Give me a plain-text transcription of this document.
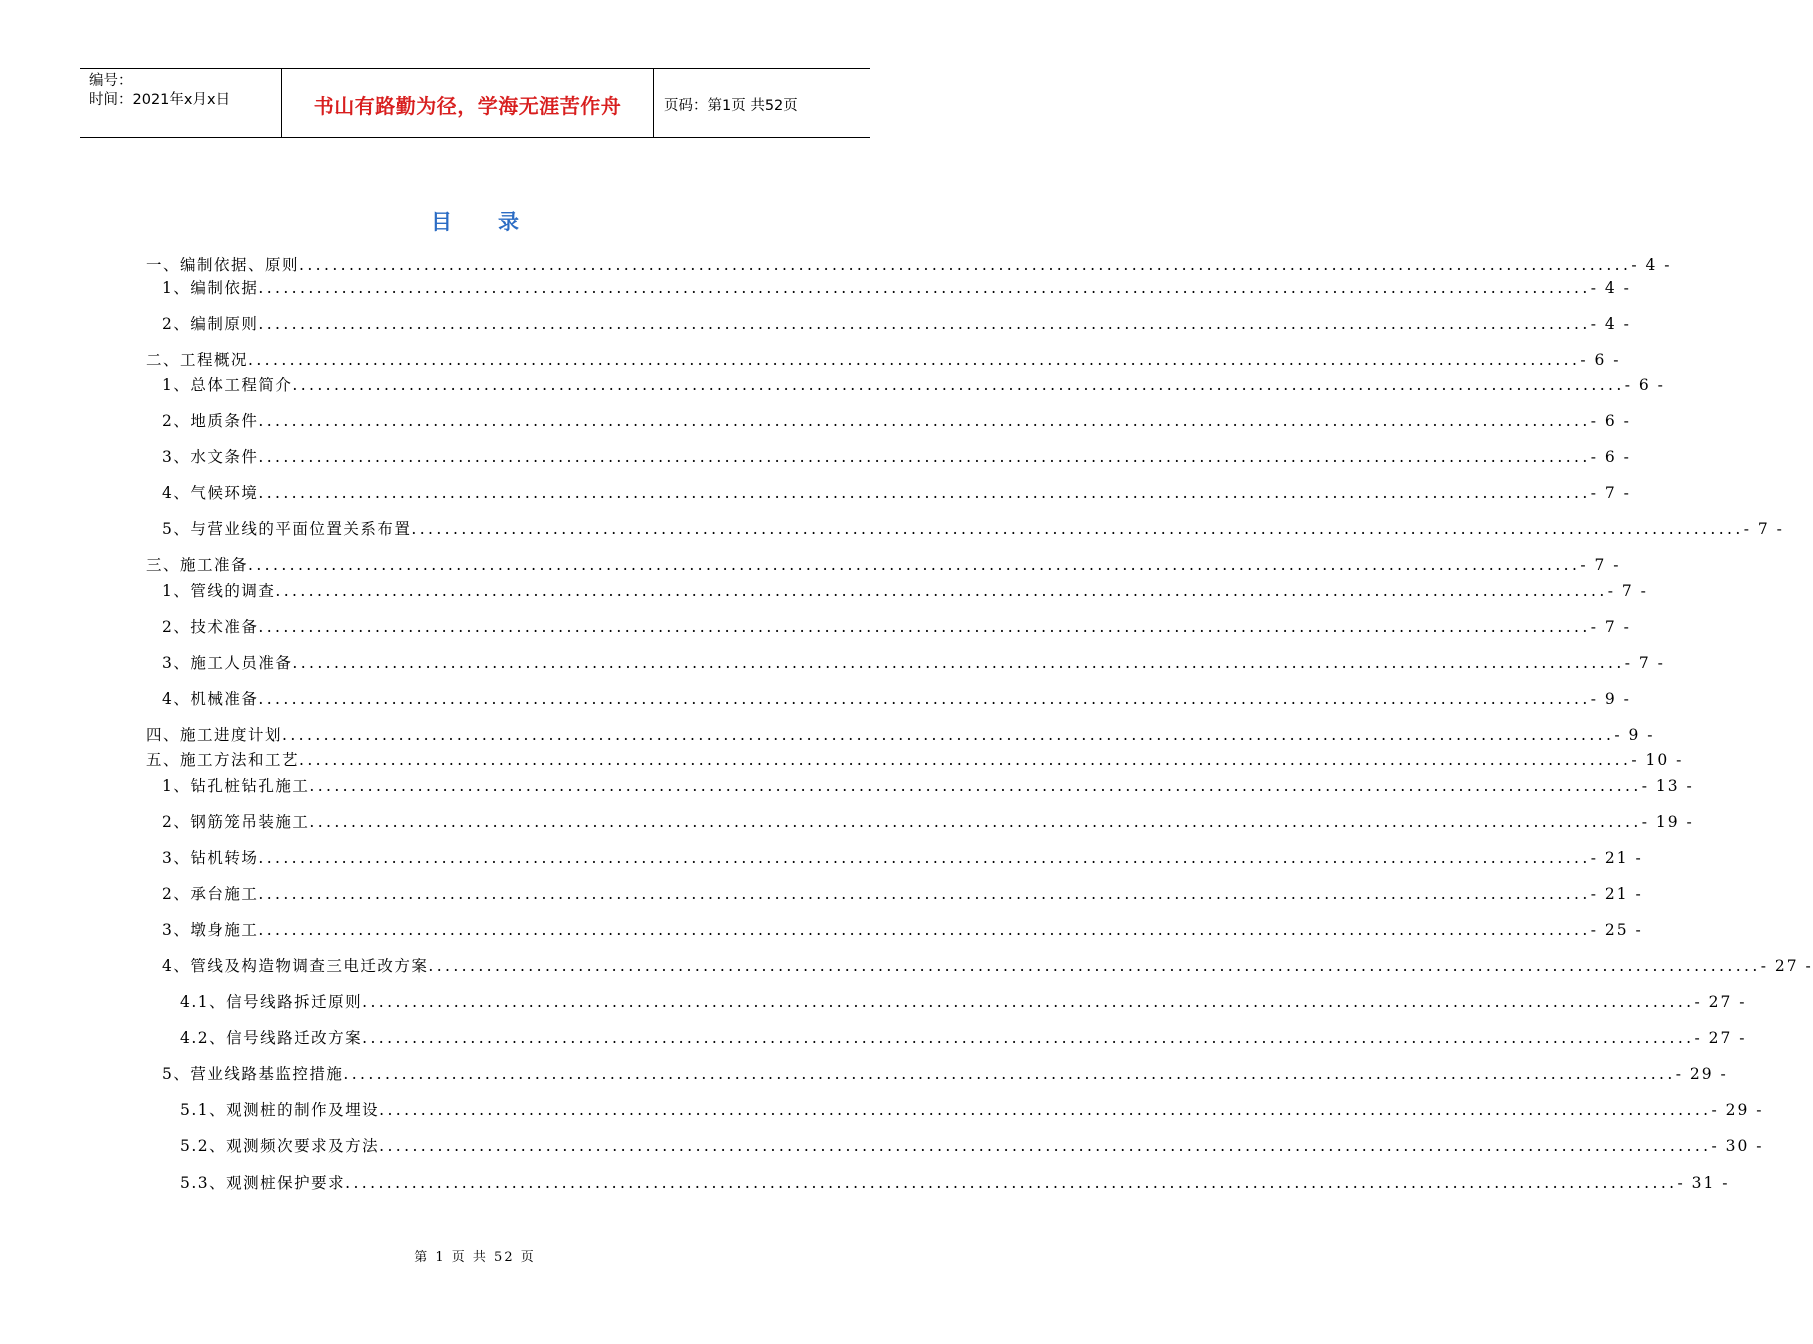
编号：
时间：2021年x月x日	书山有路勤为径，学海无涯苦作舟	页码：第1页 共52页
目录
一、编制依据、原则 ................................................................................................................................................................ - 4 -
1、编制依据 ................................................................................................................................................................ - 4 -
2、编制原则 ................................................................................................................................................................ - 4 -
二、工程概况 ................................................................................................................................................................ - 6 -
1、总体工程简介 ................................................................................................................................................................ - 6 -
2、地质条件 ................................................................................................................................................................ - 6 -
3、水文条件 ................................................................................................................................................................ - 6 -
4、气候环境 ................................................................................................................................................................ - 7 -
5、与营业线的平面位置关系布置 ................................................................................................................................................................ - 7 -
三、施工准备 ................................................................................................................................................................ - 7 -
1、管线的调查 ................................................................................................................................................................ - 7 -
2、技术准备 ................................................................................................................................................................ - 7 -
3、施工人员准备 ................................................................................................................................................................ - 7 -
4、机械准备 ................................................................................................................................................................ - 9 -
四、施工进度计划 ................................................................................................................................................................ - 9 -
五、施工方法和工艺 ................................................................................................................................................................ - 10 -
1、钻孔桩钻孔施工 ................................................................................................................................................................ - 13 -
2、钢筋笼吊装施工 ................................................................................................................................................................ - 19 -
3、钻机转场 ................................................................................................................................................................ - 21 -
2、承台施工 ................................................................................................................................................................ - 21 -
3、墩身施工 ................................................................................................................................................................ - 25 -
4、管线及构造物调查三电迁改方案 ................................................................................................................................................................ - 27 -
4.1、信号线路拆迁原则 ................................................................................................................................................................ - 27 -
4.2、信号线路迁改方案 ................................................................................................................................................................ - 27 -
5、营业线路基监控措施 ................................................................................................................................................................ - 29 -
5.1、观测桩的制作及埋设 ................................................................................................................................................................ - 29 -
5.2、观测频次要求及方法 ................................................................................................................................................................ - 30 -
5.3、观测桩保护要求 ................................................................................................................................................................ - 31 -
第 1 页 共 52 页
